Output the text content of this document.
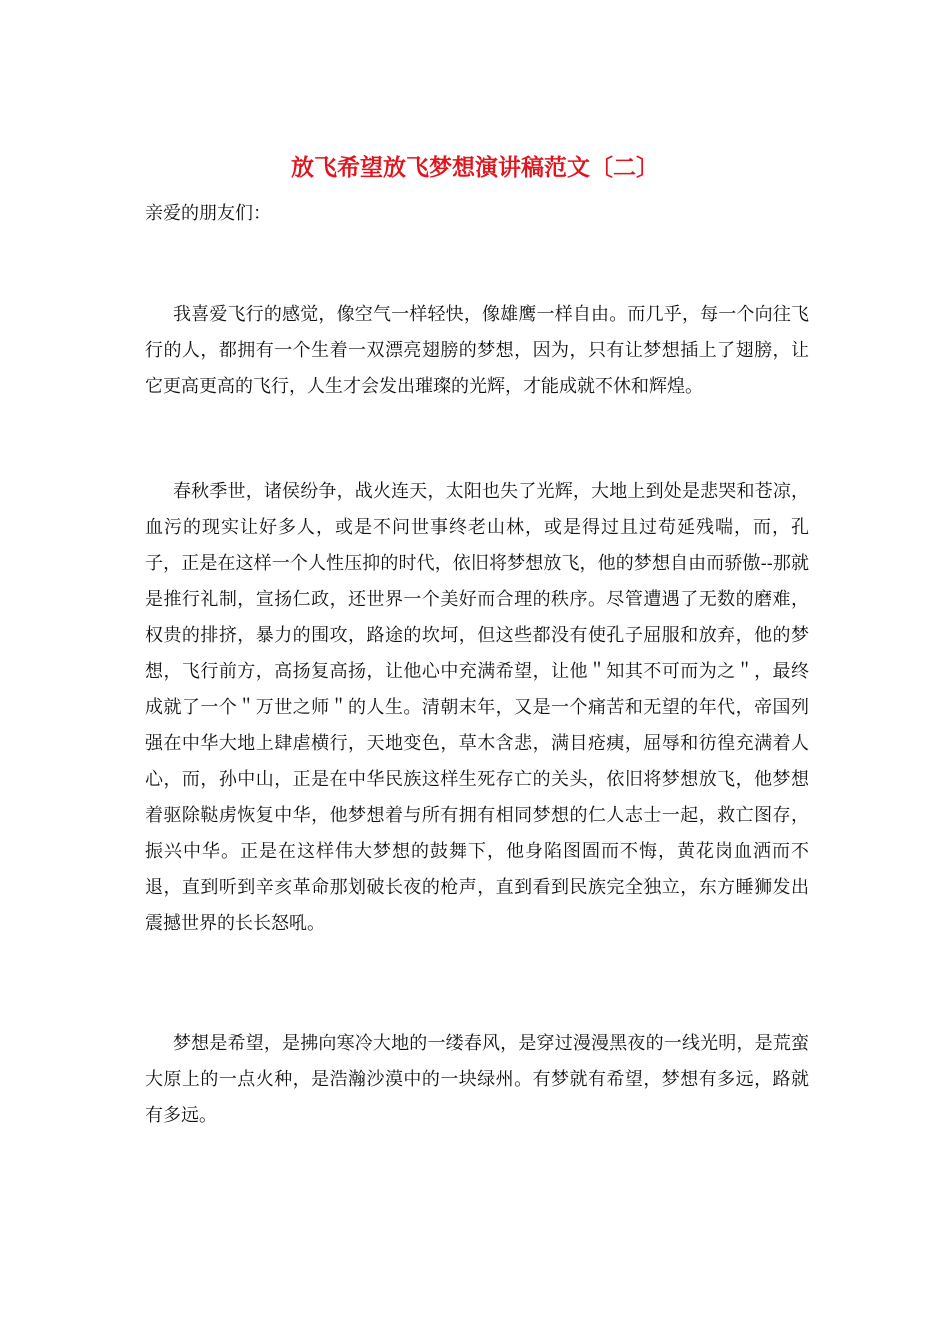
放飞希望放飞梦想演讲稿范文〔二〕

亲爱的朋友们：

我喜爱飞行的感觉，像空气一样轻快，像雄鹰一样自由。而几乎，每一个向往飞行的人，都拥有一个生着一双漂亮翅膀的梦想，因为，只有让梦想插上了翅膀，让它更高更高的飞行，人生才会发出璀璨的光辉，才能成就不休和辉煌。

春秋季世，诸侯纷争，战火连天，太阳也失了光辉，大地上到处是悲哭和苍凉，血污的现实让好多人，或是不问世事终老山林，或是得过且过苟延残喘，而，孔子，正是在这样一个人性压抑的时代，依旧将梦想放飞，他的梦想自由而骄傲--那就是推行礼制，宣扬仁政，还世界一个美好而合理的秩序。尽管遭遇了无数的磨难，权贵的排挤，暴力的围攻，路途的坎坷，但这些都没有使孔子屈服和放弃，他的梦想，飞行前方，高扬复高扬，让他心中充满希望，让他＂知其不可而为之＂，最终成就了一个＂万世之师＂的人生。清朝末年，又是一个痛苦和无望的年代，帝国列强在中华大地上肆虐横行，天地变色，草木含悲，满目疮痍，屈辱和彷徨充满着人心，而，孙中山，正是在中华民族这样生死存亡的关头，依旧将梦想放飞，他梦想着驱除鞑虏恢复中华，他梦想着与所有拥有相同梦想的仁人志士一起，救亡图存，振兴中华。正是在这样伟大梦想的鼓舞下，他身陷图圄而不悔，黄花岗血洒而不退，直到听到辛亥革命那划破长夜的枪声，直到看到民族完全独立，东方睡狮发出震撼世界的长长怒吼。

梦想是希望，是拂向寒冷大地的一缕春风，是穿过漫漫黑夜的一线光明，是荒蛮大原上的一点火种，是浩瀚沙漠中的一块绿州。有梦就有希望，梦想有多远，路就有多远。
